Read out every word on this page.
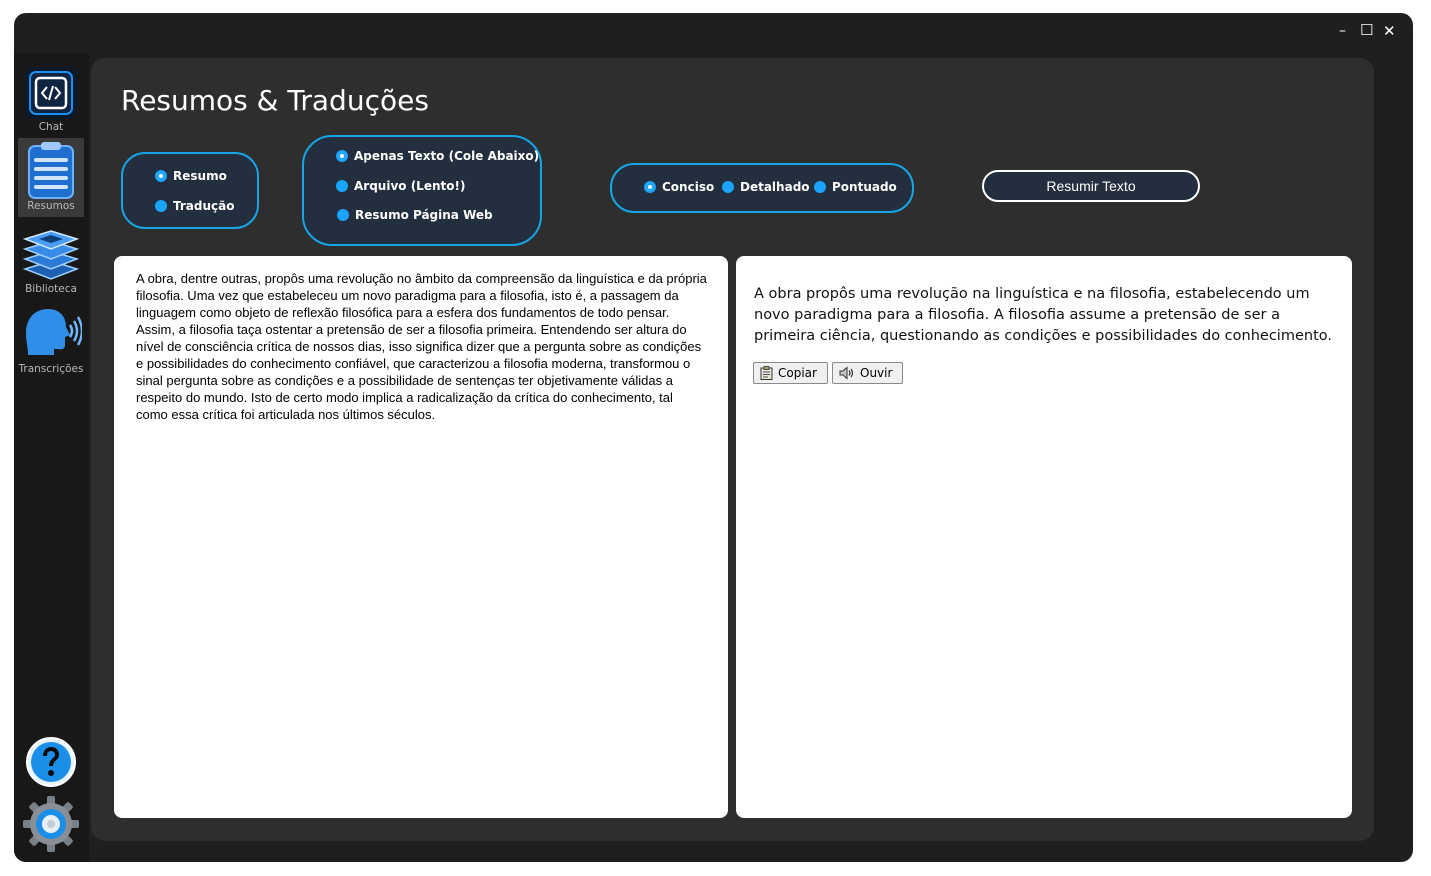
– ☐ ✕
Chat
Resumos
Biblioteca
Transcrições
Resumos & Traduções
Resumo
Tradução
Apenas Texto (Cole Abaixo)
Arquivo (Lento!)
Resumo Página Web
Conciso Detalhado Pontuado	Resumir Texto
A obra, dentre outras, propôs uma revolução no âmbito da compreensão da linguística e da própria filosofia. Uma vez que estabeleceu um novo paradigma para a filosofia, isto é, a passagem da linguagem como objeto de reflexão filosófica para a esfera dos fundamentos de todo pensar. Assim, a filosofia taça ostentar a pretensão de ser a filosofia primeira. Entendendo ser altura do nível de consciência crítica de nossos dias, isso significa dizer que a pergunta sobre as condições e possibilidades do conhecimento confiável, que caracterizou a filosofia moderna, transformou o sinal pergunta sobre as condições e a possibilidade de sentenças ter objetivamente válidas a respeito do mundo. Isto de certo modo implica a radicalização da crítica do conhecimento, tal como essa crítica foi articulada nos últimos séculos.

A obra propôs uma revolução na linguística e na filosofia, estabelecendo um novo paradigma para a filosofia. A filosofia assume a pretensão de ser a primeira ciência, questionando as condições e possibilidades do conhecimento.

Copiar	Ouvir
